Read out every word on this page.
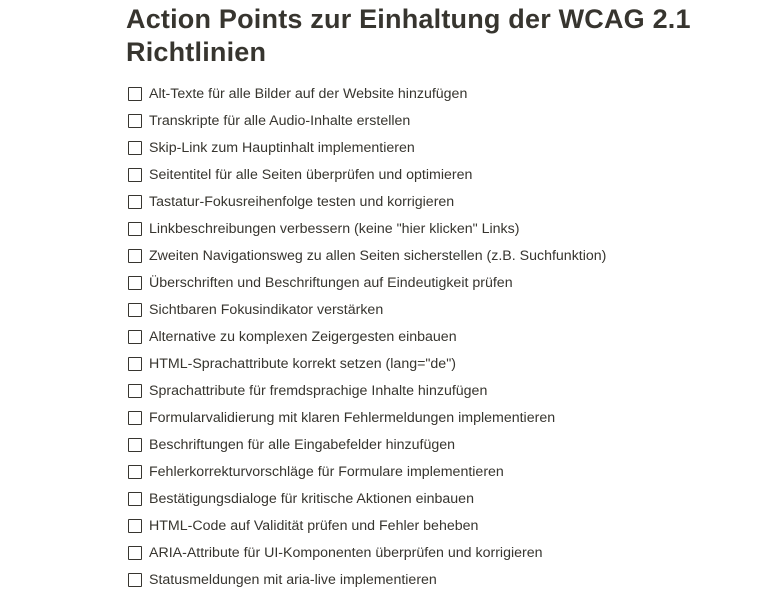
Action Points zur Einhaltung der WCAG 2.1 Richtlinien
Alt-Texte für alle Bilder auf der Website hinzufügen
Transkripte für alle Audio-Inhalte erstellen
Skip-Link zum Hauptinhalt implementieren
Seitentitel für alle Seiten überprüfen und optimieren
Tastatur-Fokusreihenfolge testen und korrigieren
Linkbeschreibungen verbessern (keine "hier klicken" Links)
Zweiten Navigationsweg zu allen Seiten sicherstellen (z.B. Suchfunktion)
Überschriften und Beschriftungen auf Eindeutigkeit prüfen
Sichtbaren Fokusindikator verstärken
Alternative zu komplexen Zeigergesten einbauen
HTML-Sprachattribute korrekt setzen (lang="de")
Sprachattribute für fremdsprachige Inhalte hinzufügen
Formularvalidierung mit klaren Fehlermeldungen implementieren
Beschriftungen für alle Eingabefelder hinzufügen
Fehlerkorrekturvorschläge für Formulare implementieren
Bestätigungsdialoge für kritische Aktionen einbauen
HTML-Code auf Validität prüfen und Fehler beheben
ARIA-Attribute für UI-Komponenten überprüfen und korrigieren
Statusmeldungen mit aria-live implementieren
